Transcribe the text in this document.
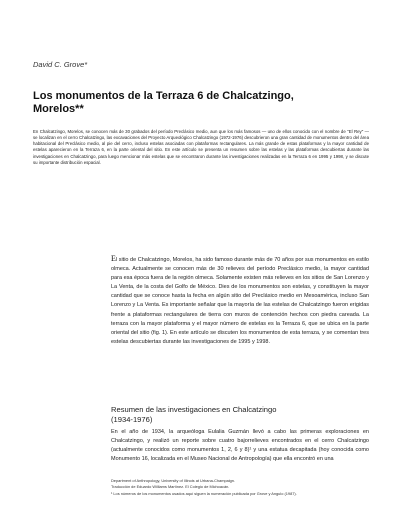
David C. Grove*
Los monumentos de la Terraza 6 de Chalcatzingo,
Morelos**

En Chalcatzingo, Morelos, se conocen más de 30 grabados del período Preclásico medio, aun que los más famosos — uno de ellos conocido con el nombre de "El Rey" — se localizan en el cerro Chalcatzingo, las excavaciones del Proyecto Arqueológico Chalcatzingo (1972-1976) descubrieron una gran cantidad de monumentos dentro del área habitacional del Preclásico medio, al pie del cerro, incluso estelas asociadas con plataformas rectangulares. La más grande de estas plataformas y la mayor cantidad de estelas aparecieron en la Terraza 6, en la parte oriental del sitio. En este artículo se presenta un resumen sobre las estelas y las plataformas descubiertas durante las investigaciones en Chalcatzingo, para luego mencionar más estelas que se encontraron durante las investigaciones realizadas en la Terraza 6 en 1995 y 1998, y se discute su importante distribución espacial.

El sitio de Chalcatzingo, Morelos, ha sido famoso durante más de 70 años por sus monumentos en estilo olmeca. Actualmente se conocen más de 30 relieves del período Preclásico medio, la mayor cantidad para esa época fuera de la región olmeca. Solamente existen más relieves en los sitios de San Lorenzo y La Venta, de la costa del Golfo de México. Dies de los monumentos son estelas, y constituyen la mayor cantidad que se conoce hasta la fecha en algún sitio del Preclásico medio en Mesoamérica, incluso San Lorenzo y La Venta. Es importante señalar que la mayoría de las estelas de Chalcatzingo fueron erigidas frente a plataformas rectangulares de tierra con muros de contención hechos con piedra careada. La terraza con la mayor plataforma y el mayor número de estelas es la Terraza 6, que se ubica en la parte oriental del sitio (fig. 1). En este artículo se discuten los monumentos de esta terraza, y se comentan tres estelas descubiertas durante las investigaciones de 1995 y 1998.

Resumen de las investigaciones en Chalcatzingo
(1934-1976)

En el año de 1934, la arqueóloga Eulalia Guzmán llevó a cabo las primeras exploraciones en Chalcatzingo, y realizó un reporte sobre cuatro bajorrelieves encontrados en el cerro Chalcatzingo (actualmente conocidos como monumentos 1, 2, 6 y 8)¹ y una estatua decapitada (hoy conocida como Monumento 16, localizada en el Museo Nacional de Antropología) que ella encontró en una

Department of Anthropology, University of Illinois at Urbana-Champaign.
Traducción de Eduardo Williams Martínez. El Colegio de Michoacán.
¹ Los números de los monumentos usados aquí siguen la numeración publicada por Grove y Angulo (1987).
